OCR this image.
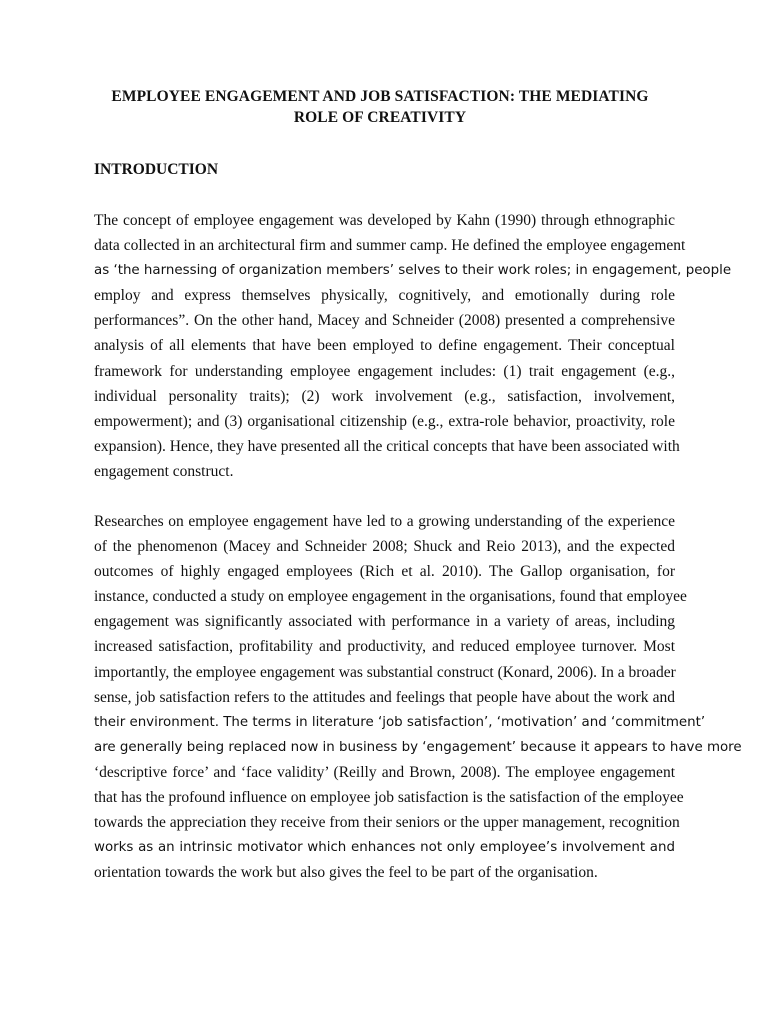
EMPLOYEE ENGAGEMENT AND JOB SATISFACTION: THE MEDIATING
ROLE OF CREATIVITY
INTRODUCTION
The concept of employee engagement was developed by Kahn (1990) through ethnographic
data collected in an architectural firm and summer camp. He defined the employee engagement
as ‘the harnessing of organization members’ selves to their work roles; in engagement, people
employ and express themselves physically, cognitively, and emotionally during role
performances”. On the other hand, Macey and Schneider (2008) presented a comprehensive
analysis of all elements that have been employed to define engagement. Their conceptual
framework for understanding employee engagement includes: (1) trait engagement (e.g.,
individual personality traits); (2) work involvement (e.g., satisfaction, involvement,
empowerment); and (3) organisational citizenship (e.g., extra-role behavior, proactivity, role
expansion). Hence, they have presented all the critical concepts that have been associated with
engagement construct.
Researches on employee engagement have led to a growing understanding of the experience
of the phenomenon (Macey and Schneider 2008; Shuck and Reio 2013), and the expected
outcomes of highly engaged employees (Rich et al. 2010). The Gallop organisation, for
instance, conducted a study on employee engagement in the organisations, found that employee
engagement was significantly associated with performance in a variety of areas, including
increased satisfaction, profitability and productivity, and reduced employee turnover. Most
importantly, the employee engagement was substantial construct (Konard, 2006). In a broader
sense, job satisfaction refers to the attitudes and feelings that people have about the work and
their environment. The terms in literature ‘job satisfaction’, ‘motivation’ and ‘commitment’
are generally being replaced now in business by ‘engagement’ because it appears to have more
‘descriptive force’ and ‘face validity’ (Reilly and Brown, 2008). The employee engagement
that has the profound influence on employee job satisfaction is the satisfaction of the employee
towards the appreciation they receive from their seniors or the upper management, recognition
works as an intrinsic motivator which enhances not only employee’s involvement and
orientation towards the work but also gives the feel to be part of the organisation.
